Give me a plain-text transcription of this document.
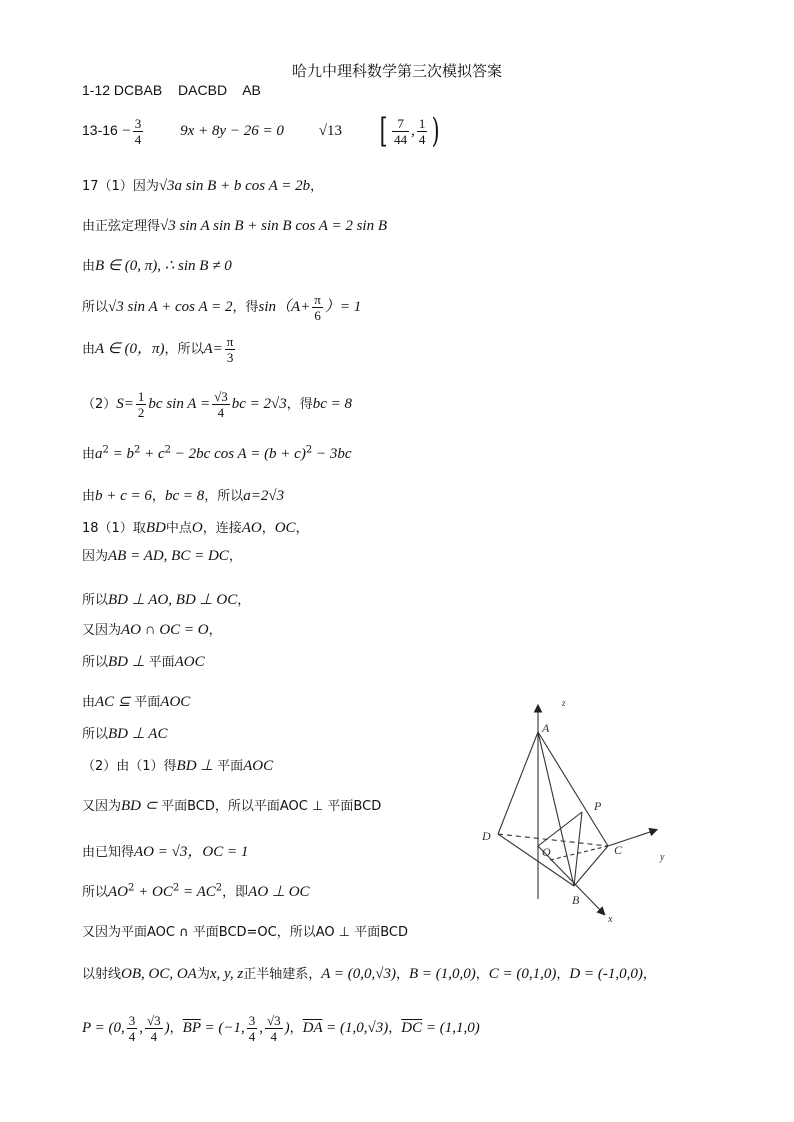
哈九中理科数学第三次模拟答案
1-12 DCBAB DACBD AB
$13-16 - \frac{3}{4} 9x + 8y - 26 = 0$ √13 [ $\frac{7}{44}$ , $\frac{1}{4}$ )
17（1）因为√3a sin B + b cos A = 2b，
由正弦定理得√3 sin A sin B + sin B cos A = 2 sin B
由B ∈ (0, π), ∴ sin B ≠ 0
所以√3 sin A + cos A = 2，得$\sin(A+ \frac{\pi}{6}$ ）= 1
由A ∈ (0，π)，所以$A= \frac{\pi}{3}$
$(2)S= \frac{1}{2}$ bc $\sin A = \frac{√3}{4}$ bc = 2√3，得bc = 8
由$a^2 = b^2 + c^2 - 2bc$ $\cos A = (b + c)^2 - 3bc$
由b + c = 6，bc = 8，所以a=2√3
18（1）取BD中点O，连接AO，OC，
因为AB = AD, BC = DC，
所以BD ⊥ AO, BD ⊥ OC，
又因为AO ∩ OC = O，
所以BD ⊥ 平面AOC
由AC ⊆ 平面AOC
所以BD ⊥ AC
（2）由（1）得BD ⊥ 平面AOC
又因为BD ⊂ 平面BCD，所以平面AOC ⊥ 平面BCD
由已知得AO = √3，OC = 1
所以$AO^2 + OC^2 = AC^2$，即AO ⊥ OC
又因为平面AOC ∩ 平面BCD=OC，所以AO ⊥ 平面BCD
以射线OB, OC, OA为x, y, z正半轴建系，A = (0,0,√3)，B = (1,0,0)，C = (0,1,0)，D = (-1,0,0)，
P = (0, $\frac{3}{4}$ , $\frac{√3}{4}$ )，$\overline{BP} = (-1$, $\frac{3}{4}$ , $\frac{√3}{4}$ )，$\overline{DA} = (1,0,√3)$，$\overline{DC} = (1,1,0)$
A
D
O
P
C
B
x
y
z
